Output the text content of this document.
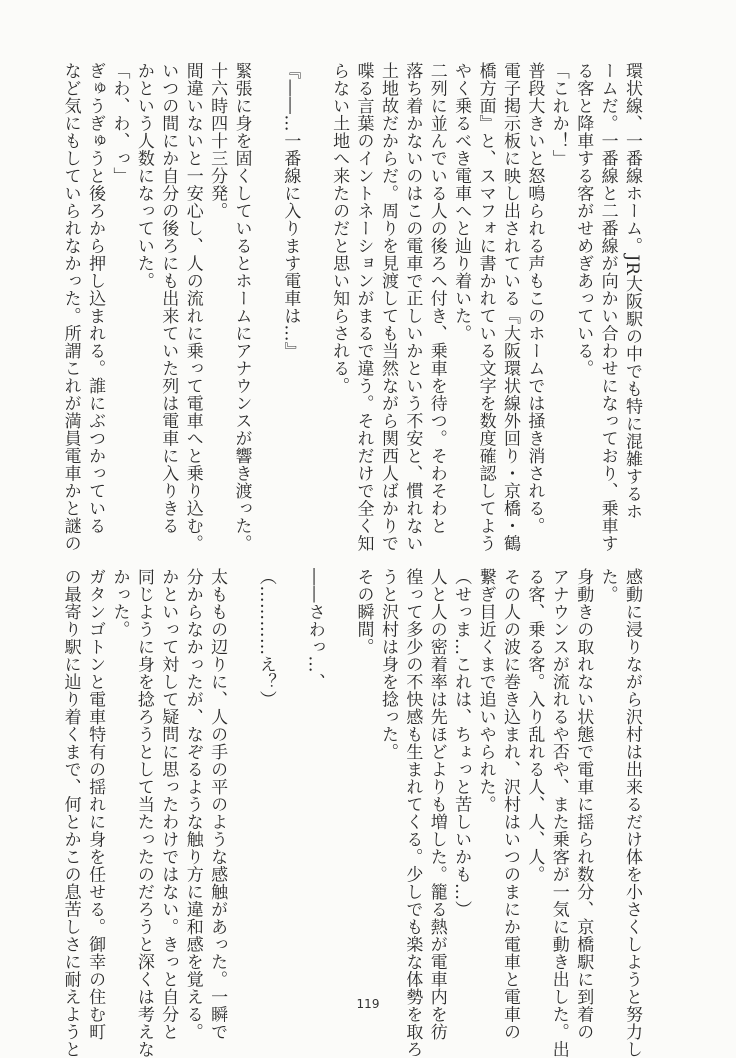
環状線、一番線ホーム。JR大阪駅の中でも特に混雑するホ
ームだ。一番線と二番線が向かい合わせになっており、乗車す
る客と降車する客がせめぎあっている。
「これか！」
普段大きいと怒鳴られる声もこのホームでは掻き消される。
電子掲示板に映し出されている『大阪環状線外回り・京橋・鶴
橋方面』と、スマフォに書かれている文字を数度確認してよう
やく乗るべき電車へと辿り着いた。
二列に並んでいる人の後ろへ付き、乗車を待つ。そわそわと
落ち着かないのはこの電車で正しいかという不安と、慣れない
土地故だからだ。周りを見渡しても当然ながら関西人ばかりで
喋る言葉のイントネーションがまるで違う。それだけで全く知
らない土地へ来たのだと思い知らされる。

『――…一番線に入ります電車は…』

緊張に身を固くしているとホームにアナウンスが響き渡った。
十六時四十三分発。
間違いないと一安心し、人の流れに乗って電車へと乗り込む。
いつの間にか自分の後ろにも出来ていた列は電車に入りきる
かという人数になっていた。
「わ、わ、っ」
ぎゅうぎゅうと後ろから押し込まれる。誰にぶつかっている
など気にもしていられなかった。所謂これが満員電車かと謎の
感動に浸りながら沢村は出来るだけ体を小さくしようと努力し
た。
身動きの取れない状態で電車に揺られ数分、京橋駅に到着の
アナウンスが流れるや否や、また乗客が一気に動き出した。出
る客、乗る客。入り乱れる人、人、人。
その人の波に巻き込まれ、沢村はいつのまにか電車と電車の
繋ぎ目近くまで追いやられた。
（せっま…これは、ちょっと苦しいかも…）
人と人の密着率は先ほどよりも増した。籠る熱が電車内を彷
徨って多少の不快感も生まれてくる。少しでも楽な体勢を取ろ
うと沢村は身を捻った。
その瞬間。

――さわっ…、

（…………え？）

太ももの辺りに、人の手の平のような感触があった。一瞬で
分からなかったが、なぞるような触り方に違和感を覚える。
かといって対して疑問に思ったわけではない。きっと自分と
同じように身を捻ろうとして当たったのだろうと深くは考えな
かった。
ガタンゴトンと電車特有の揺れに身を任せる。御幸の住む町
の最寄り駅に辿り着くまで、何とかこの息苦しさに耐えようと	119
